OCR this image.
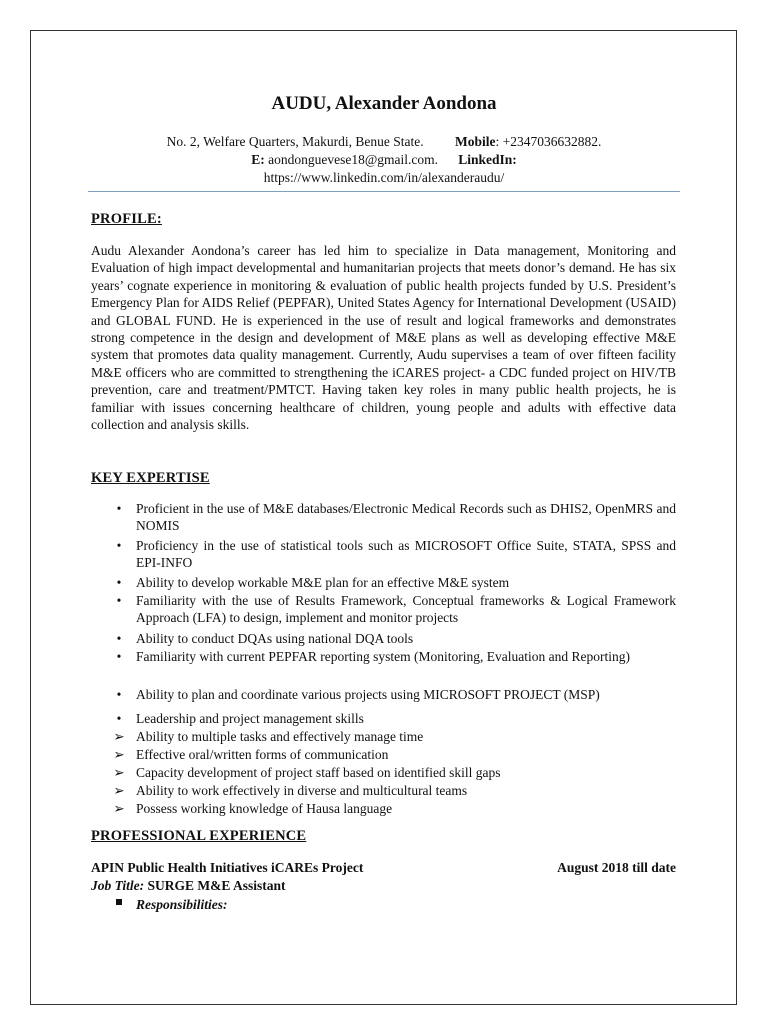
AUDU, Alexander Aondona
No. 2, Welfare Quarters, Makurdi, Benue State. Mobile: +2347036632882.
E: aondonguevese18@gmail.com. LinkedIn:
https://www.linkedin.com/in/alexanderaudu/
PROFILE:
Audu Alexander Aondona’s career has led him to specialize in Data management, Monitoring and Evaluation of high impact developmental and humanitarian projects that meets donor’s demand. He has six years’ cognate experience in monitoring & evaluation of public health projects funded by U.S. President’s Emergency Plan for AIDS Relief (PEPFAR), United States Agency for International Development (USAID) and GLOBAL FUND. He is experienced in the use of result and logical frameworks and demonstrates strong competence in the design and development of M&E plans as well as developing effective M&E system that promotes data quality management. Currently, Audu supervises a team of over fifteen facility M&E officers who are committed to strengthening the iCARES project- a CDC funded project on HIV/TB prevention, care and treatment/PMTCT. Having taken key roles in many public health projects, he is familiar with issues concerning healthcare of children, young people and adults with effective data collection and analysis skills.
KEY EXPERTISE
•	Proficient in the use of M&E databases/Electronic Medical Records such as DHIS2, OpenMRS and NOMIS
•	Proficiency in the use of statistical tools such as MICROSOFT Office Suite, STATA, SPSS and EPI-INFO
•	Ability to develop workable M&E plan for an effective M&E system
•	Familiarity with the use of Results Framework, Conceptual frameworks & Logical Framework Approach (LFA) to design, implement and monitor projects
•	Ability to conduct DQAs using national DQA tools
•	Familiarity with current PEPFAR reporting system (Monitoring, Evaluation and Reporting)
•	Ability to plan and coordinate various projects using MICROSOFT PROJECT (MSP)
•	Leadership and project management skills
➢ Ability to multiple tasks and effectively manage time
➢ Effective oral/written forms of communication
➢ Capacity development of project staff based on identified skill gaps
➢ Ability to work effectively in diverse and multicultural teams
➢ Possess working knowledge of Hausa language
PROFESSIONAL EXPERIENCE
APIN Public Health Initiatives iCAREs Project	August 2018 till date
Job Title: SURGE M&E Assistant
Responsibilities:
